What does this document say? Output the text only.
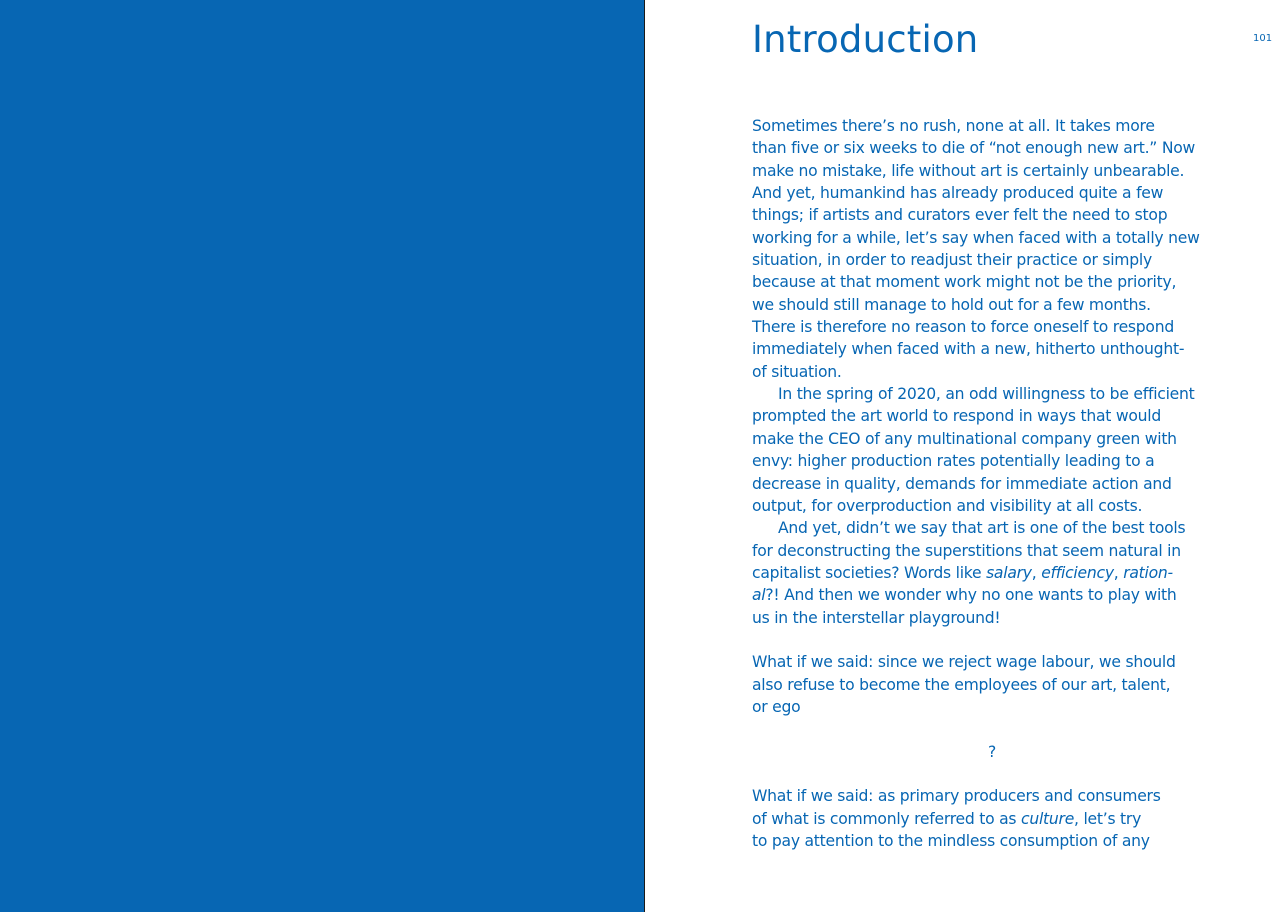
Introduction	101
Sometimes there’s no rush, none at all. It takes more
than five or six weeks to die of “not enough new art.” Now
make no mistake, life without art is certainly unbearable.
And yet, humankind has already produced quite a few
things; if artists and curators ever felt the need to stop
working for a while, let’s say when faced with a totally new
situation, in order to readjust their practice or simply
because at that moment work might not be the priority,
we should still manage to hold out for a few months.
There is therefore no reason to force oneself to respond
immediately when faced with a new, hitherto unthought-
of situation.
In the spring of 2020, an odd willingness to be efficient
prompted the art world to respond in ways that would
make the CEO of any multinational company green with
envy: higher production rates potentially leading to a
decrease in quality, demands for immediate action and
output, for overproduction and visibility at all costs.
And yet, didn’t we say that art is one of the best tools
for deconstructing the superstitions that seem natural in
capitalist societies? Words like salary, efficiency, ration-
al?! And then we wonder why no one wants to play with
us in the interstellar playground!
What if we said: since we reject wage labour, we should
also refuse to become the employees of our art, talent,
or ego
?
What if we said: as primary producers and consumers
of what is commonly referred to as culture, let’s try
to pay attention to the mindless consumption of any
